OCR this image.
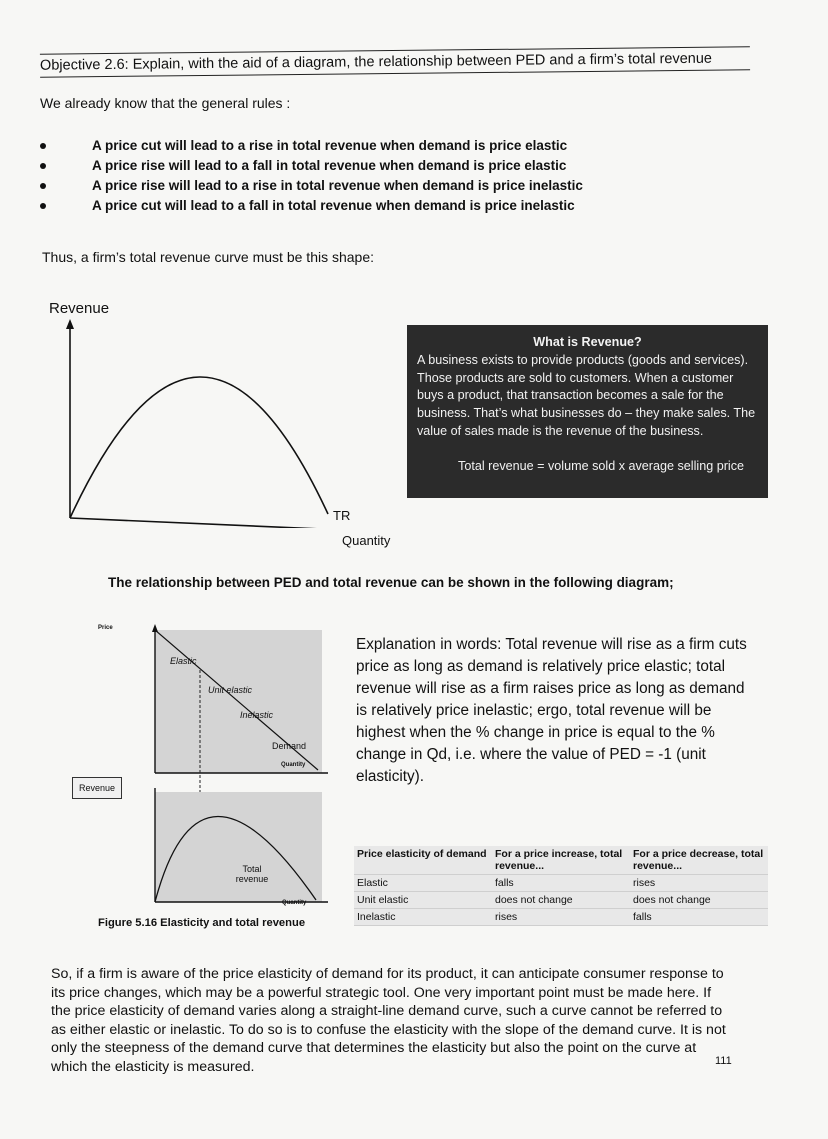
Objective 2.6: Explain, with the aid of a diagram, the relationship between PED and a firm’s total revenue
We already know that the general rules :
A price cut will lead to a rise in total revenue when demand is price elastic
A price rise will lead to a fall in total revenue when demand is price elastic
A price rise will lead to a rise in total revenue when demand is price inelastic
A price cut will lead to a fall in total revenue when demand is price inelastic
Thus, a firm’s total revenue curve must be this shape:
Revenue
TR
Quantity
What is Revenue?
A business exists to provide products (goods and services). Those products are sold to customers. When a customer buys a product, that transaction becomes a sale for the business. That’s what businesses do – they make sales. The value of sales made is the revenue of the business.
Total revenue = volume sold x average selling price
The relationship between PED and total revenue can be shown in the following diagram;
Price
Elastic
Unit elastic
Inelastic
Demand
Quantity
Revenue
Total revenue
Quantity
Figure 5.16 Elasticity and total revenue
Explanation in words: Total revenue will rise as a firm cuts price as long as demand is relatively price elastic; total revenue will rise as a firm raises price as long as demand is relatively price inelastic; ergo, total revenue will be highest when the % change in price is equal to the % change in Qd, i.e. where the value of PED = -1 (unit elasticity).
Price elasticity of demand	For a price increase, total revenue...	For a price decrease, total revenue...
Elastic	falls	rises
Unit elastic	does not change	does not change
Inelastic	rises	falls
So, if a firm is aware of the price elasticity of demand for its product, it can anticipate consumer response to its price changes, which may be a powerful strategic tool. One very important point must be made here. If the price elasticity of demand varies along a straight-line demand curve, such a curve cannot be referred to as either elastic or inelastic. To do so is to confuse the elasticity with the slope of the demand curve. It is not only the steepness of the demand curve that determines the elasticity but also the point on the curve at which the elasticity is measured.	111
